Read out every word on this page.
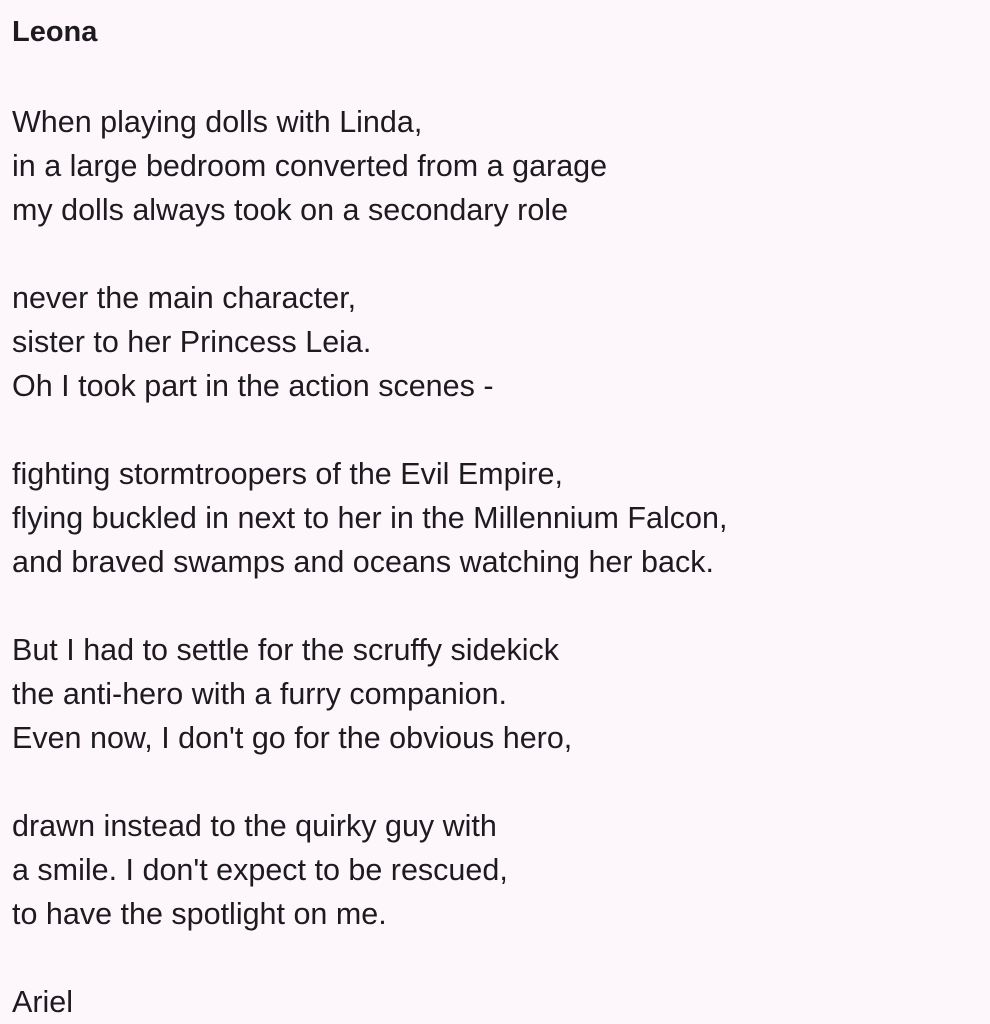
Leona

When playing dolls with Linda,
in a large bedroom converted from a garage
my dolls always took on a secondary role

never the main character,
sister to her Princess Leia.
Oh I took part in the action scenes -

fighting stormtroopers of the Evil Empire,
flying buckled in next to her in the Millennium Falcon,
and braved swamps and oceans watching her back.

But I had to settle for the scruffy sidekick
the anti-hero with a furry companion.
Even now, I don't go for the obvious hero,

drawn instead to the quirky guy with
a smile. I don't expect to be rescued,
to have the spotlight on me.

Ariel
